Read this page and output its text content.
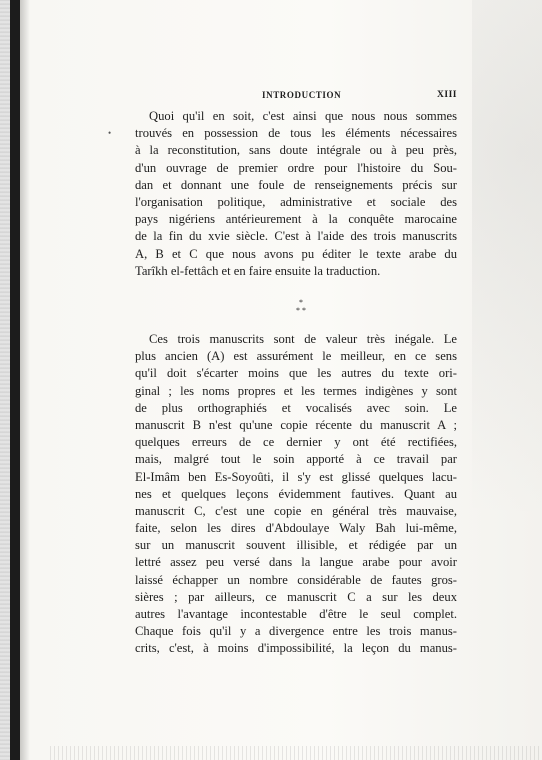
INTRODUCTION	XIII
•
Quoi qu'il en soit, c'est ainsi que nous nous sommes
trouvés en possession de tous les éléments nécessaires
à la reconstitution, sans doute intégrale ou à peu près,
d'un ouvrage de premier ordre pour l'histoire du Sou-
dan et donnant une foule de renseignements précis sur
l'organisation politique, administrative et sociale des
pays nigériens antérieurement à la conquête marocaine
de la fin du xvie siècle. C'est à l'aide des trois manuscrits
A, B et C que nous avons pu éditer le texte arabe du
Tarîkh el-fettâch et en faire ensuite la traduction.
*
* *
Ces trois manuscrits sont de valeur très inégale. Le
plus ancien (A) est assurément le meilleur, en ce sens
qu'il doit s'écarter moins que les autres du texte ori-
ginal ; les noms propres et les termes indigènes y sont
de plus orthographiés et vocalisés avec soin. Le
manuscrit B n'est qu'une copie récente du manuscrit A ;
quelques erreurs de ce dernier y ont été rectifiées,
mais, malgré tout le soin apporté à ce travail par
El-Imâm ben Es-Soyoûti, il s'y est glissé quelques lacu-
nes et quelques leçons évidemment fautives. Quant au
manuscrit C, c'est une copie en général très mauvaise,
faite, selon les dires d'Abdoulaye Waly Bah lui-même,
sur un manuscrit souvent illisible, et rédigée par un
lettré assez peu versé dans la langue arabe pour avoir
laissé échapper un nombre considérable de fautes gros-
sières ; par ailleurs, ce manuscrit C a sur les deux
autres l'avantage incontestable d'être le seul complet.
Chaque fois qu'il y a divergence entre les trois manus-
crits, c'est, à moins d'impossibilité, la leçon du manus-
